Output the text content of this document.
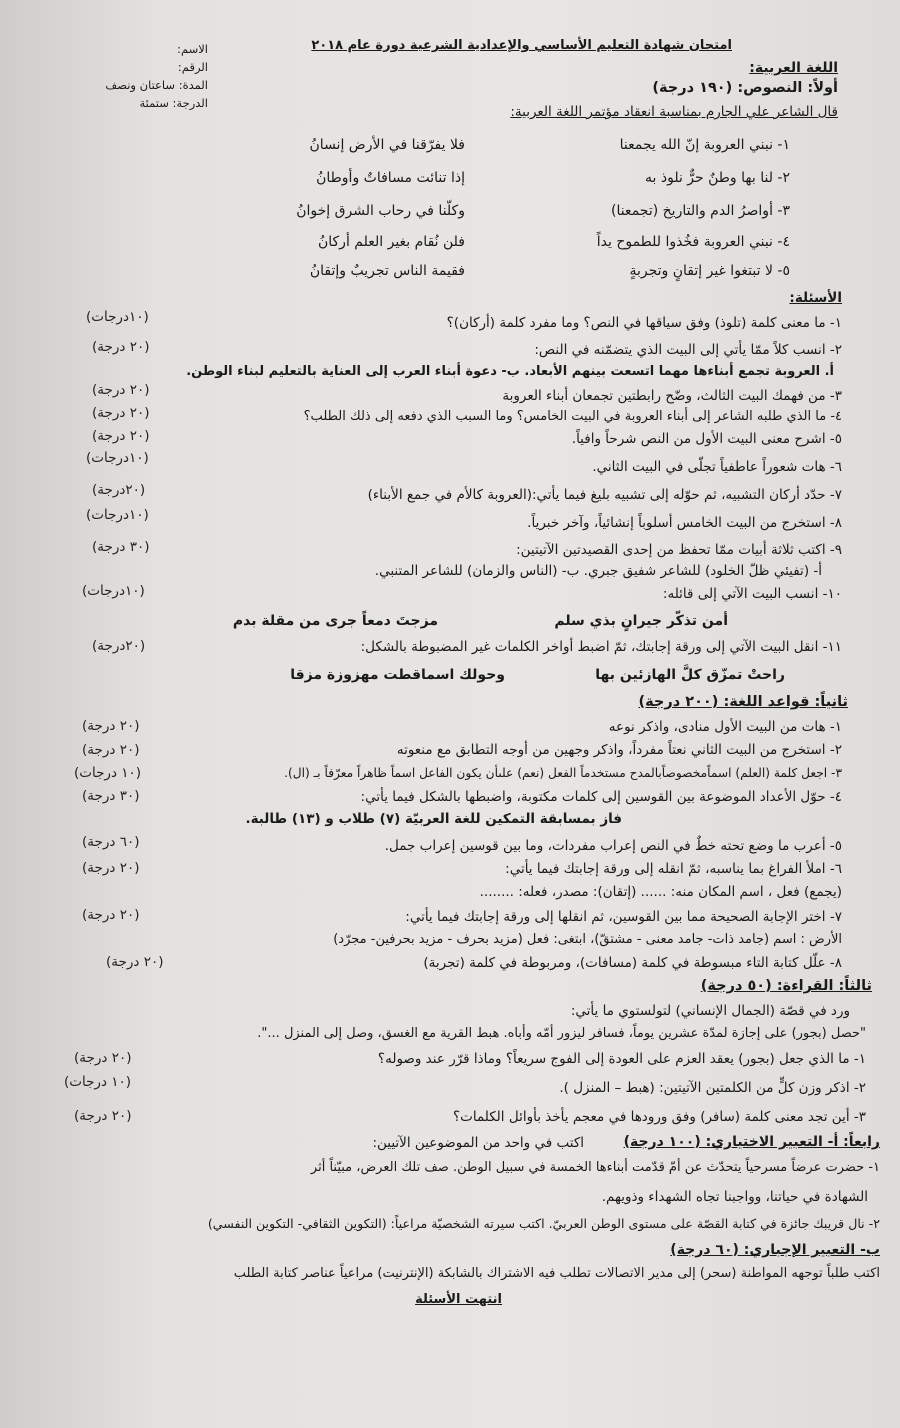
امتحان شهادة التعليم الأساسي والإعدادية الشرعية دورة عام ٢٠١٨
الاسم:
الرقم:
المدة: ساعتان ونصف
الدرجة: ستمئة
اللغة العربية:
أولاً: النصوص: (١٩٠ درجة)
قال الشاعر علي الجارم بمناسبة انعقاد مؤتمر اللغة العربية:
١- نبني العروبة إنّ الله يجمعنا
فلا يفرّقنا في الأرض إنسانُ
٢- لنا بها وطنٌ حرٌّ نلوذ به
إذا تنائت مسافاتٌ وأوطانُ
٣- أواصرُ الدم والتاريخ (تجمعنا)
وكلّنا في رحاب الشرق إخوانُ
٤- نبني العروبة فخُذوا للطموح يداً
فلن نُقام بغير العلم أركانُ
٥- لا تبتغوا غير إتقانٍ وتجربةٍ
فقيمة الناس تجريبٌ وإتقانُ
الأسئلة:
١- ما معنى كلمة (تلوذ) وفق سياقها في النص؟ وما مفرد كلمة (أركان)؟
(١٠درجات)
٢- انسب كلاً ممّا يأتي إلى البيت الذي يتضمّنه في النص:
(٢٠ درجة)
أ. العروبة تجمع أبناءها مهما اتسعت بينهم الأبعاد. ب- دعوة أبناء العرب إلى العناية بالتعليم لبناء الوطن.
٣- من فهمك البيت الثالث، وضّح رابطتين تجمعان أبناء العروبة
(٢٠ درجة)
٤- ما الذي طلبه الشاعر إلى أبناء العروبة في البيت الخامس؟ وما السبب الذي دفعه إلى ذلك الطلب؟
(٢٠ درجة)
٥- اشرح معنى البيت الأول من النص شرحاً وافياً.
(٢٠ درجة)
٦- هات شعوراً عاطفياً تجلّى في البيت الثاني.
(١٠درجات)
٧- حدّد أركان التشبيه، ثم حوّله إلى تشبيه بليغ فيما يأتي:(العروبة كالأم في جمع الأبناء)
(٢٠درجة)
٨- استخرج من البيت الخامس أسلوباً إنشائياً، وآخر خبرياً.
(١٠درجات)
٩- اكتب ثلاثة أبيات ممّا تحفظ من إحدى القصيدتين الآتيتين:
(٣٠ درجة)
أ- (تفيئي ظلّ الخلود) للشاعر شفيق جبري. ب- (الناس والزمان) للشاعر المتنبي.
١٠- انسب البيت الآتي إلى قائله:
(١٠درجات)
أمن تذكّر جيرانٍ بذي سلم
مزجتَ دمعاً جرى من مقلة بدم
١١- انقل البيت الآتي إلى ورقة إجابتك، ثمّ اضبط أواخر الكلمات غير المضبوطة بالشكل:
(٢٠درجة)
راحتْ تمزّق كلَّ الهازئين بها
وحولك اسماقطت مهزوزة مزقا
ثانياً: قواعد اللغة: (٢٠٠ درجة)
١- هات من البيت الأول منادى، واذكر نوعه
(٢٠ درجة)
٢- استخرج من البيت الثاني نعتاً مفرداً، واذكر وجهين من أوجه التطابق مع منعوته
(٢٠ درجة)
٣- اجعل كلمة (العلم) اسماًمخصوصاًبالمدح مستخدماً الفعل (نعم) علىأن يكون الفاعل اسماً ظاهراً معرّفاً بـ (ال).
(١٠ درجات)
٤- حوّل الأعداد الموضوعة بين القوسين إلى كلمات مكتوبة، واضبطها بالشكل فيما يأتي:
(٣٠ درجة)
فاز بمسابقة التمكين للغة العربيّة (٧) طلاب و (١٣) طالبة.
٥- أعرب ما وضع تحته خطٌ في النص إعراب مفردات، وما بين قوسين إعراب جمل.
(٦٠ درجة)
٦- املأ الفراغ بما يناسبه، ثمّ انقله إلى ورقة إجابتك فيما يأتي:
(٢٠ درجة)
(يجمع) فعل ، اسم المكان منه: ...... (إتقان): مصدر، فعله: ........
٧- اختر الإجابة الصحيحة مما بين القوسين، ثم انقلها إلى ورقة إجابتك فيما يأتي:
(٢٠ درجة)
الأرض : اسم (جامد ذات- جامد معنى - مشتقّ)، ابتغى: فعل (مزيد بحرف - مزيد بحرفين- مجرّد)
٨- علّل كتابة التاء مبسوطة في كلمة (مسافات)، ومربوطة في كلمة (تجربة)
(٢٠ درجة)
ثالثاً: القراءة: (٥٠ درجة)
ورد في قصّة (الجمال الإنساني) لتولستوي ما يأتي:
"حصل (بجور) على إجازة لمدّة عشرين يوماً، فسافر ليزور أمّه وأباه. هبط القرية مع الغسق، وصل إلى المنزل ...".
١- ما الذي جعل (بجور) يعقد العزم على العودة إلى الفوج سريعاً؟ وماذا قرّر عند وصوله؟
(٢٠ درجة)
٢- اذكر وزن كلٍّ من الكلمتين الآتيتين: (هبط – المنزل ).
(١٠ درجات)
٣- أين تجد معنى كلمة (سافر) وفق ورودها في معجم يأخذ بأوائل الكلمات؟
(٢٠ درجة)
رابعاً: أ- التعبير الاختياري: (١٠٠ درجة)
اكتب في واحد من الموضوعين الآتيين:
١- حضرت عرضاً مسرحياً يتحدّث عن أمّ قدّمت أبناءها الخمسة في سبيل الوطن. صف تلك العرض، مبيّناً أثر
الشهادة في حياتنا، وواجبنا تجاه الشهداء وذويهم.
٢- نال قريبك جائزة في كتابة القصّة على مستوى الوطن العربيّ. اكتب سيرته الشخصيّة مراعياً: (التكوين الثقافي- التكوين النفسي)
ب- التعبير الإجباري: (٦٠ درجة)
اكتب طلباً توجهه المواطنة (سحر) إلى مدير الاتصالات تطلب فيه الاشتراك بالشابكة (الإنترنيت) مراعياً عناصر كتابة الطلب
انتهت الأسئلة
